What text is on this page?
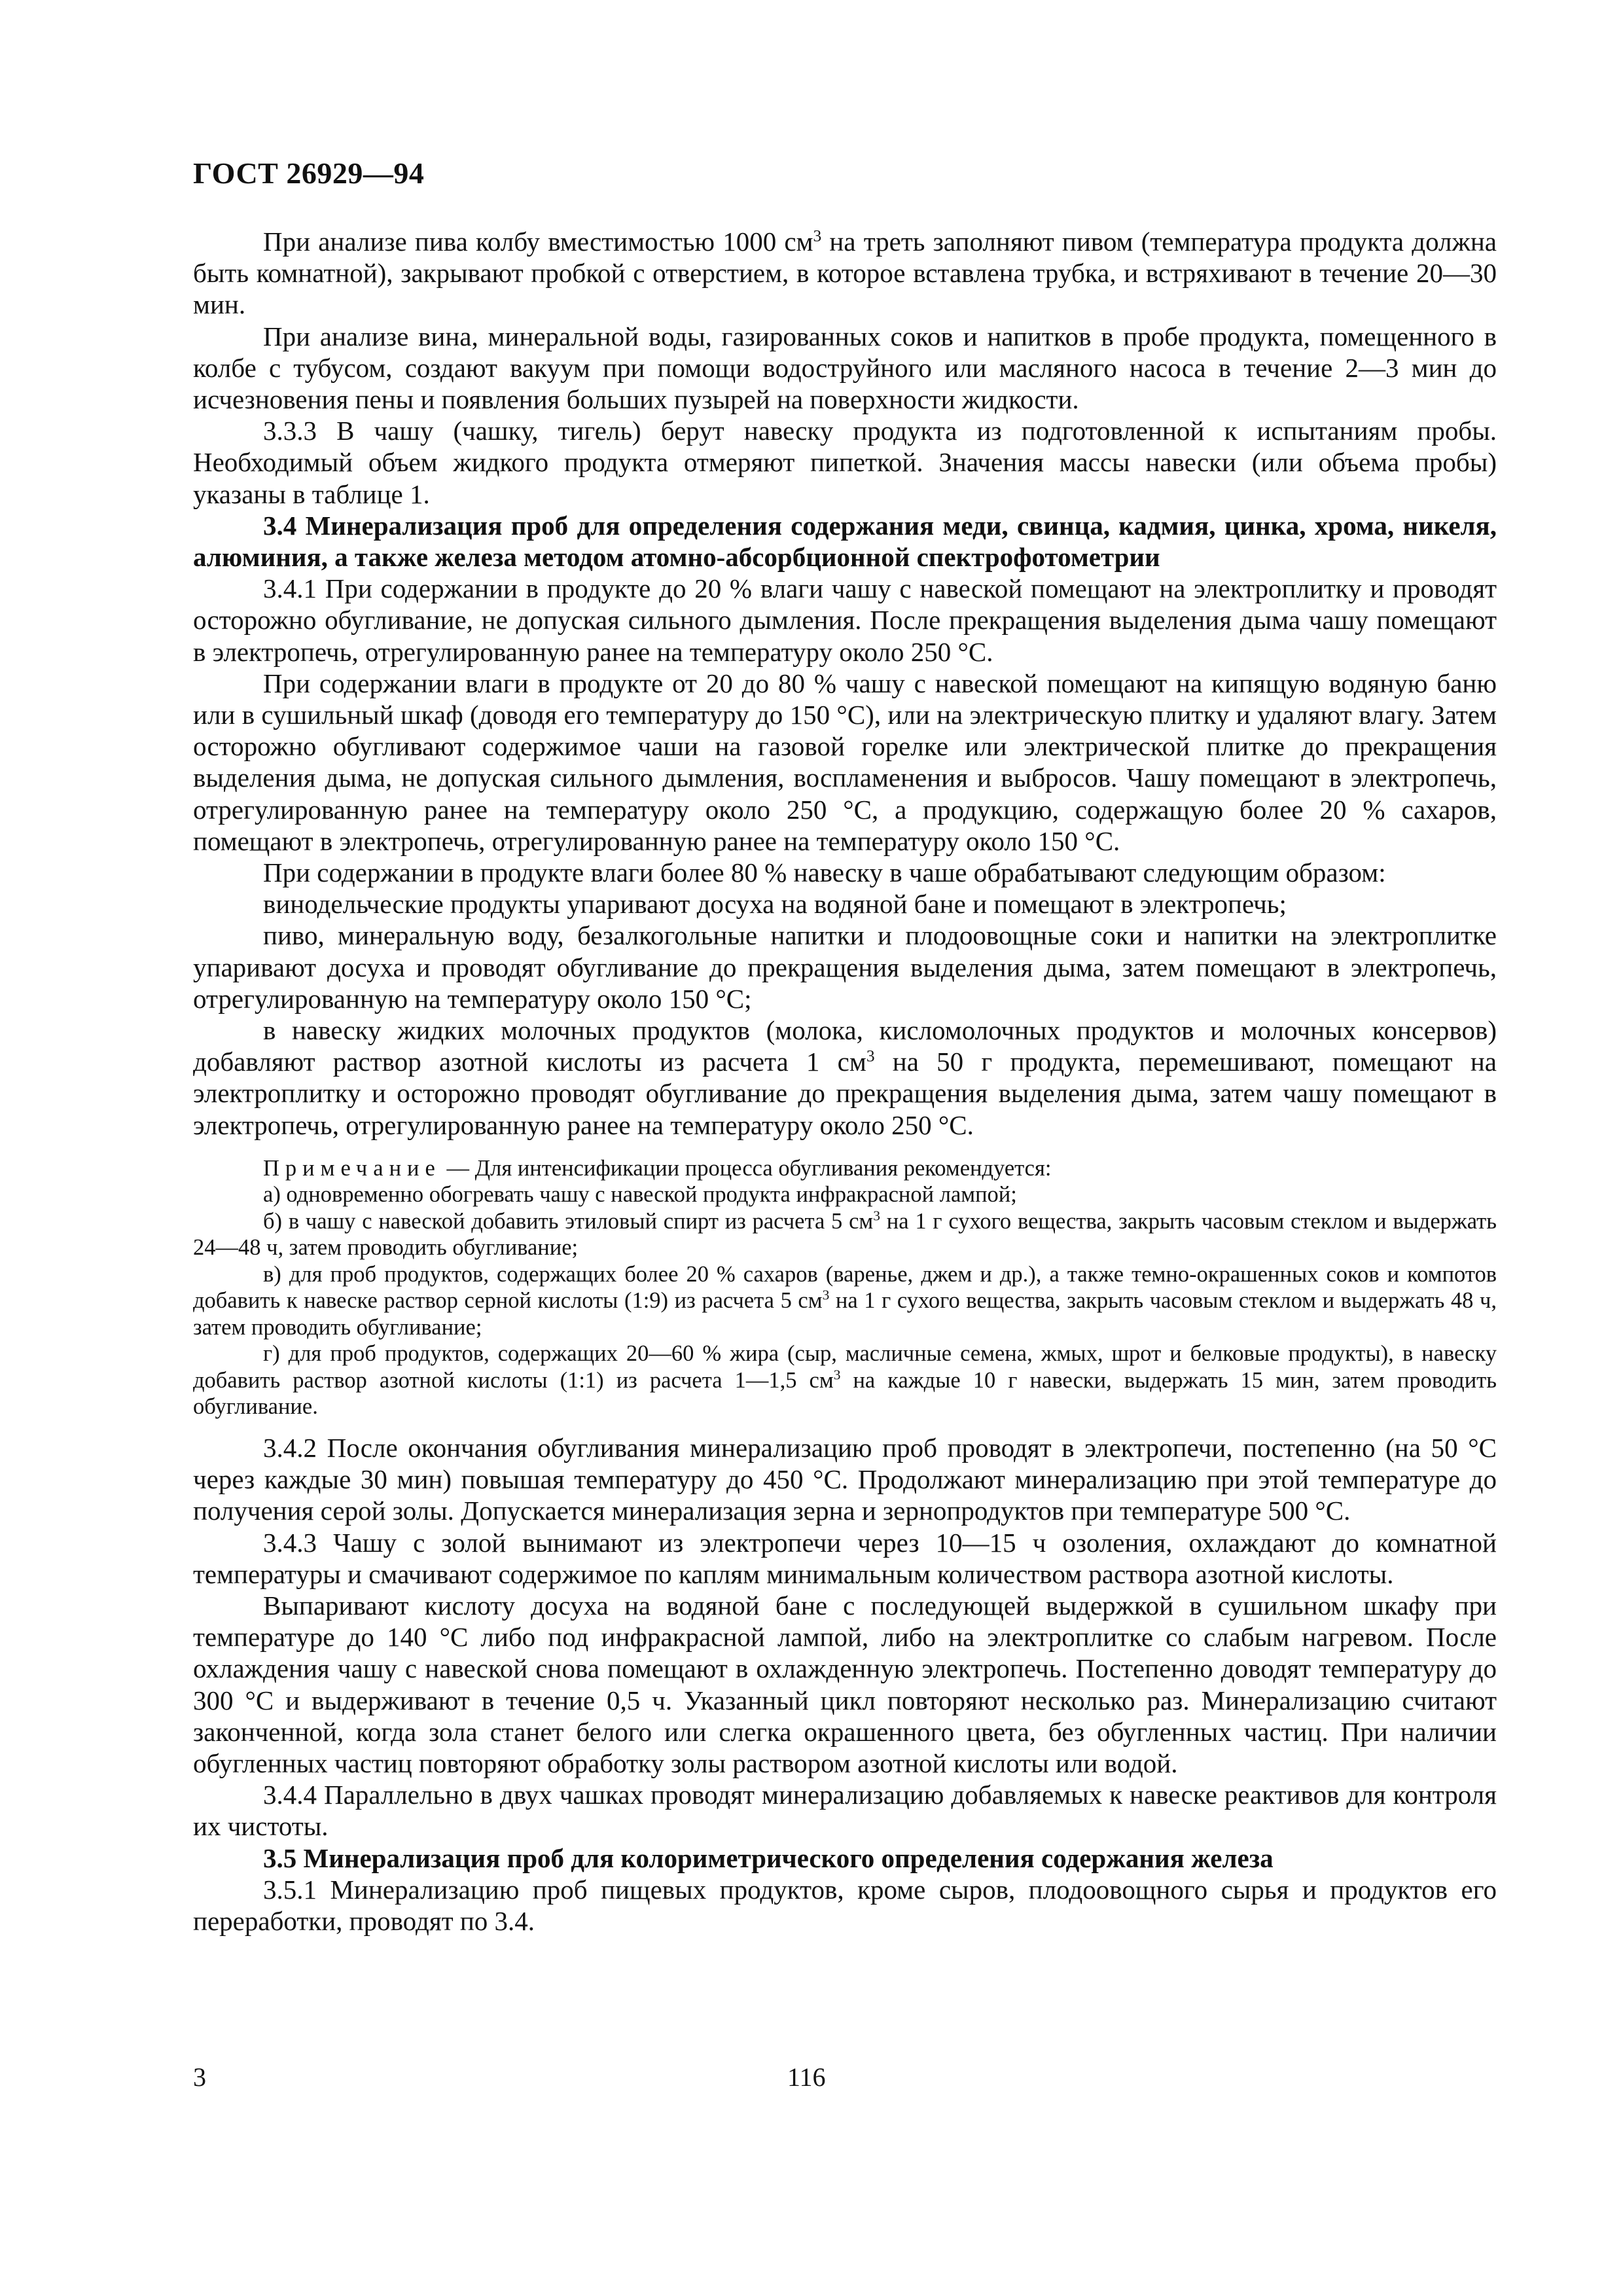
ГОСТ 26929—94

При анализе пива колбу вместимостью 1000 $см^3$ на треть заполняют пивом (температура продукта должна быть комнатной), закрывают пробкой с отверстием, в которое вставлена трубка, и встряхивают в течение 20—30 мин.

При анализе вина, минеральной воды, газированных соков и напитков в пробе продукта, помещенного в колбе с тубусом, создают вакуум при помощи водоструйного или масляного насоса в течение 2—3 мин до исчезновения пены и появления больших пузырей на поверхности жидкости.

3.3.3 В чашу (чашку, тигель) берут навеску продукта из подготовленной к испытаниям пробы. Необходимый объем жидкого продукта отмеряют пипеткой. Значения массы навески (или объема пробы) указаны в таблице 1.

3.4 Минерализация проб для определения содержания меди, свинца, кадмия, цинка, хрома, никеля, алюминия, а также железа методом атомно-абсорбционной спектрофотометрии

3.4.1 При содержании в продукте до 20 % влаги чашу с навеской помещают на электроплитку и проводят осторожно обугливание, не допуская сильного дымления. После прекращения выделения дыма чашу помещают в электропечь, отрегулированную ранее на температуру около 250 °С.

При содержании влаги в продукте от 20 до 80 % чашу с навеской помещают на кипящую водяную баню или в сушильный шкаф (доводя его температуру до 150 °С), или на электрическую плитку и удаляют влагу. Затем осторожно обугливают содержимое чаши на газовой горелке или электрической плитке до прекращения выделения дыма, не допуская сильного дымления, воспламенения и выбросов. Чашу помещают в электропечь, отрегулированную ранее на температуру около 250 °С, а продукцию, содержащую более 20 % сахаров, помещают в электропечь, отрегулированную ранее на температуру около 150 °С.

При содержании в продукте влаги более 80 % навеску в чаше обрабатывают следующим образом:

винодельческие продукты упаривают досуха на водяной бане и помещают в электропечь;

пиво, минеральную воду, безалкогольные напитки и плодоовощные соки и напитки на электроплитке упаривают досуха и проводят обугливание до прекращения выделения дыма, затем помещают в электропечь, отрегулированную на температуру около 150 °С;

в навеску жидких молочных продуктов (молока, кисломолочных продуктов и молочных консервов) добавляют раствор азотной кислоты из расчета 1 $см^3$ на 50 г продукта, перемешивают, помещают на электроплитку и осторожно проводят обугливание до прекращения выделения дыма, затем чашу помещают в электропечь, отрегулированную ранее на температуру около 250 °С.

Примечание — Для интенсификации процесса обугливания рекомендуется:

а) одновременно обогревать чашу с навеской продукта инфракрасной лампой;

б) в чашу с навеской добавить этиловый спирт из расчета 5 $см^3$ на 1 г сухого вещества, закрыть часовым стеклом и выдержать 24—48 ч, затем проводить обугливание;

в) для проб продуктов, содержащих более 20 % сахаров (варенье, джем и др.), а также темно-окрашенных соков и компотов добавить к навеске раствор серной кислоты (1:9) из расчета 5 $см^3$ на 1 г сухого вещества, закрыть часовым стеклом и выдержать 48 ч, затем проводить обугливание;

г) для проб продуктов, содержащих 20—60 % жира (сыр, масличные семена, жмых, шрот и белковые продукты), в навеску добавить раствор азотной кислоты (1:1) из расчета 1—1,5 $см^3$ на каждые 10 г навески, выдержать 15 мин, затем проводить обугливание.

3.4.2 После окончания обугливания минерализацию проб проводят в электропечи, постепенно (на 50 °С через каждые 30 мин) повышая температуру до 450 °С. Продолжают минерализацию при этой температуре до получения серой золы. Допускается минерализация зерна и зернопродуктов при температуре 500 °С.

3.4.3 Чашу с золой вынимают из электропечи через 10—15 ч озоления, охлаждают до комнатной температуры и смачивают содержимое по каплям минимальным количеством раствора азотной кислоты.

Выпаривают кислоту досуха на водяной бане с последующей выдержкой в сушильном шкафу при температуре до 140 °С либо под инфракрасной лампой, либо на электроплитке со слабым нагревом. После охлаждения чашу с навеской снова помещают в охлажденную электропечь. Постепенно доводят температуру до 300 °С и выдерживают в течение 0,5 ч. Указанный цикл повторяют несколько раз. Минерализацию считают законченной, когда зола станет белого или слегка окрашенного цвета, без обугленных частиц. При наличии обугленных частиц повторяют обработку золы раствором азотной кислоты или водой.

3.4.4 Параллельно в двух чашках проводят минерализацию добавляемых к навеске реактивов для контроля их чистоты.

3.5 Минерализация проб для колориметрического определения содержания железа

3.5.1 Минерализацию проб пищевых продуктов, кроме сыров, плодоовощного сырья и продуктов его переработки, проводят по 3.4.

3	116
